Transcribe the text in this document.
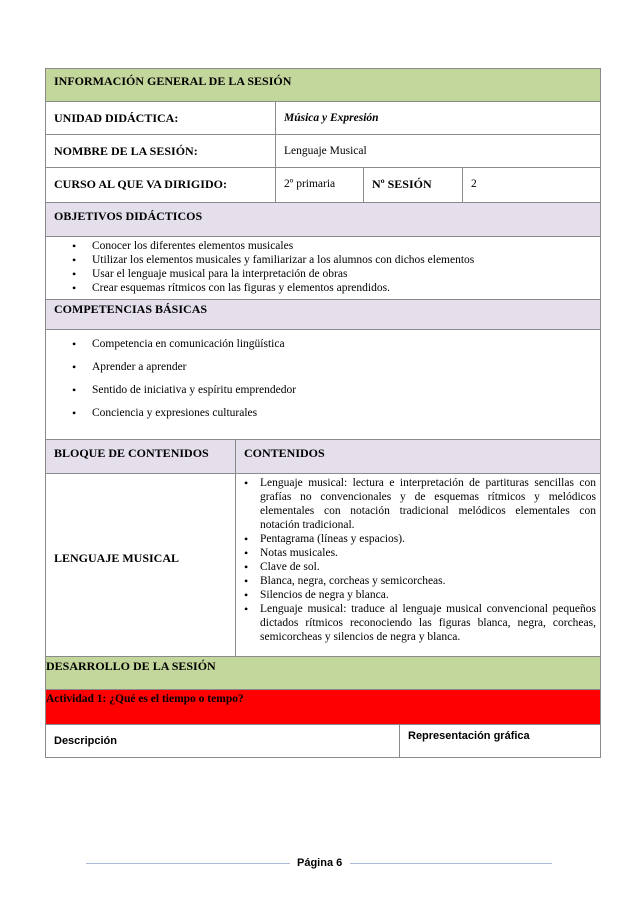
INFORMACIÓN GENERAL DE LA SESIÓN
UNIDAD DIDÁCTICA:	Música y Expresión
NOMBRE DE LA SESIÓN:	Lenguaje Musical
CURSO AL QUE VA DIRIGIDO:	2º primaria	Nº SESIÓN	2
OBJETIVOS DIDÁCTICOS
• Conocer los diferentes elementos musicales
• Utilizar los elementos musicales y familiarizar a los alumnos con dichos elementos
• Usar el lenguaje musical para la interpretación de obras
• Crear esquemas rítmicos con las figuras y elementos aprendidos.
COMPETENCIAS BÁSICAS
• Competencia en comunicación lingüística
• Aprender a aprender
• Sentido de iniciativa y espíritu emprendedor
• Conciencia y expresiones culturales
BLOQUE DE CONTENIDOS	CONTENIDOS
LENGUAJE MUSICAL
• Lenguaje musical: lectura e interpretación de partituras sencillas con grafías no convencionales y de esquemas rítmicos y melódicos elementales con notación tradicional melódicos elementales con notación tradicional.
• Pentagrama (líneas y espacios).
• Notas musicales.
• Clave de sol.
• Blanca, negra, corcheas y semicorcheas.
• Silencios de negra y blanca.
• Lenguaje musical: traduce al lenguaje musical convencional pequeños dictados rítmicos reconociendo las figuras blanca, negra, corcheas, semicorcheas y silencios de negra y blanca.
DESARROLLO DE LA SESIÓN
Actividad 1: ¿Qué es el tiempo o tempo?
Descripción	Representación gráfica
Página 6
